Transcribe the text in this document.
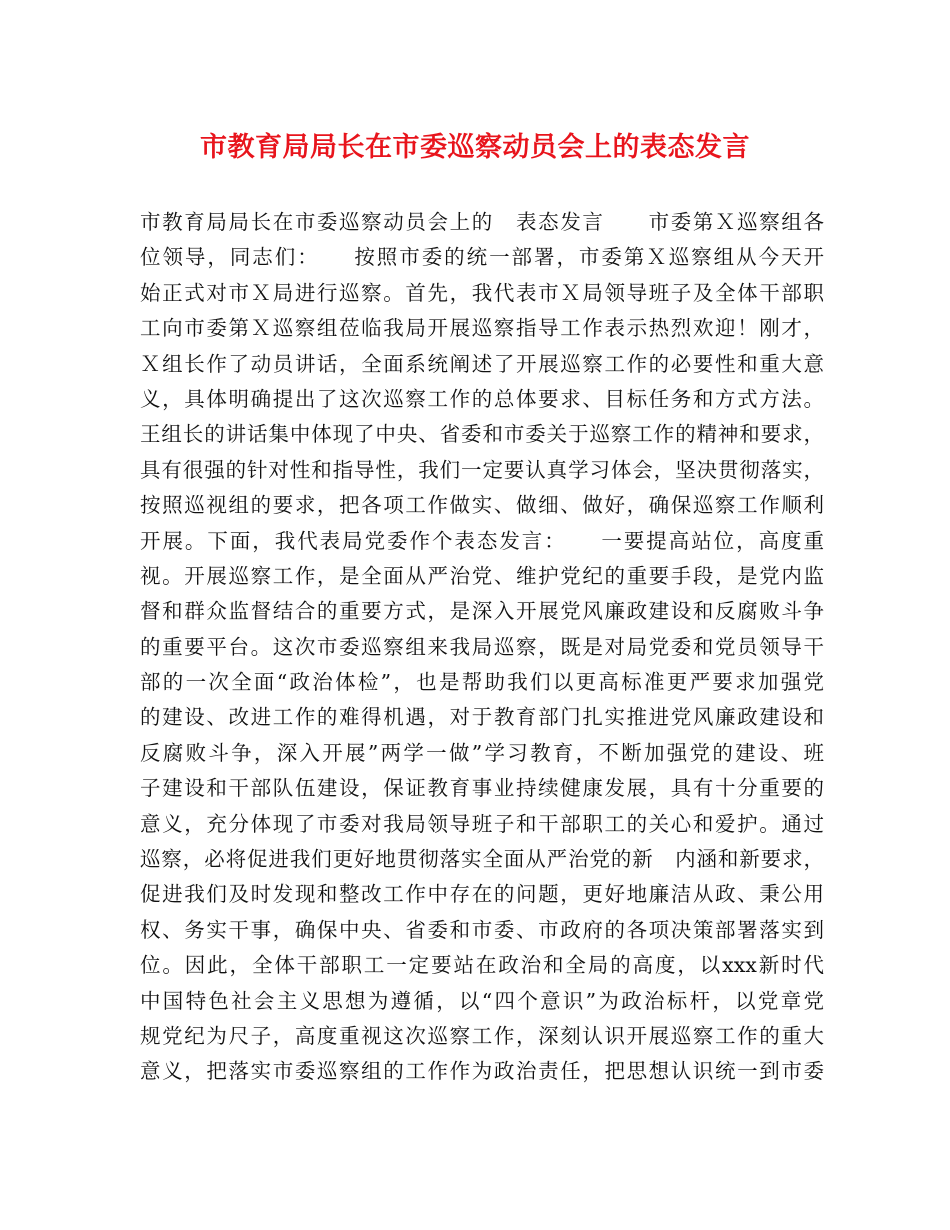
市教育局局长在市委巡察动员会上的表态发言
市教育局局长在市委巡察动员会上的　表态发言　　市委第Ｘ巡察组各
位领导，同志们：　　按照市委的统一部署，市委第Ｘ巡察组从今天开
始正式对市Ｘ局进行巡察。首先，我代表市Ｘ局领导班子及全体干部职
工向市委第Ｘ巡察组莅临我局开展巡察指导工作表示热烈欢迎！刚才，
Ｘ组长作了动员讲话，全面系统阐述了开展巡察工作的必要性和重大意
义，具体明确提出了这次巡察工作的总体要求、目标任务和方式方法。
王组长的讲话集中体现了中央、省委和市委关于巡察工作的精神和要求，
具有很强的针对性和指导性，我们一定要认真学习体会，坚决贯彻落实，
按照巡视组的要求，把各项工作做实、做细、做好，确保巡察工作顺利
开展。下面，我代表局党委作个表态发言：　　一要提高站位，高度重
视。开展巡察工作，是全面从严治党、维护党纪的重要手段，是党内监
督和群众监督结合的重要方式，是深入开展党风廉政建设和反腐败斗争
的重要平台。这次市委巡察组来我局巡察，既是对局党委和党员领导干
部的一次全面“政治体检”，也是帮助我们以更高标准更严要求加强党
的建设、改进工作的难得机遇，对于教育部门扎实推进党风廉政建设和
反腐败斗争，深入开展”两学一做”学习教育，不断加强党的建设、班
子建设和干部队伍建设，保证教育事业持续健康发展，具有十分重要的
意义，充分体现了市委对我局领导班子和干部职工的关心和爱护。通过
巡察，必将促进我们更好地贯彻落实全面从严治党的新　内涵和新要求，
促进我们及时发现和整改工作中存在的问题，更好地廉洁从政、秉公用
权、务实干事，确保中央、省委和市委、市政府的各项决策部署落实到
位。因此，全体干部职工一定要站在政治和全局的高度，以xxx新时代
中国特色社会主义思想为遵循，以“四个意识”为政治标杆，以党章党
规党纪为尺子，高度重视这次巡察工作，深刻认识开展巡察工作的重大
意义，把落实市委巡察组的工作作为政治责任，把思想认识统一到市委
